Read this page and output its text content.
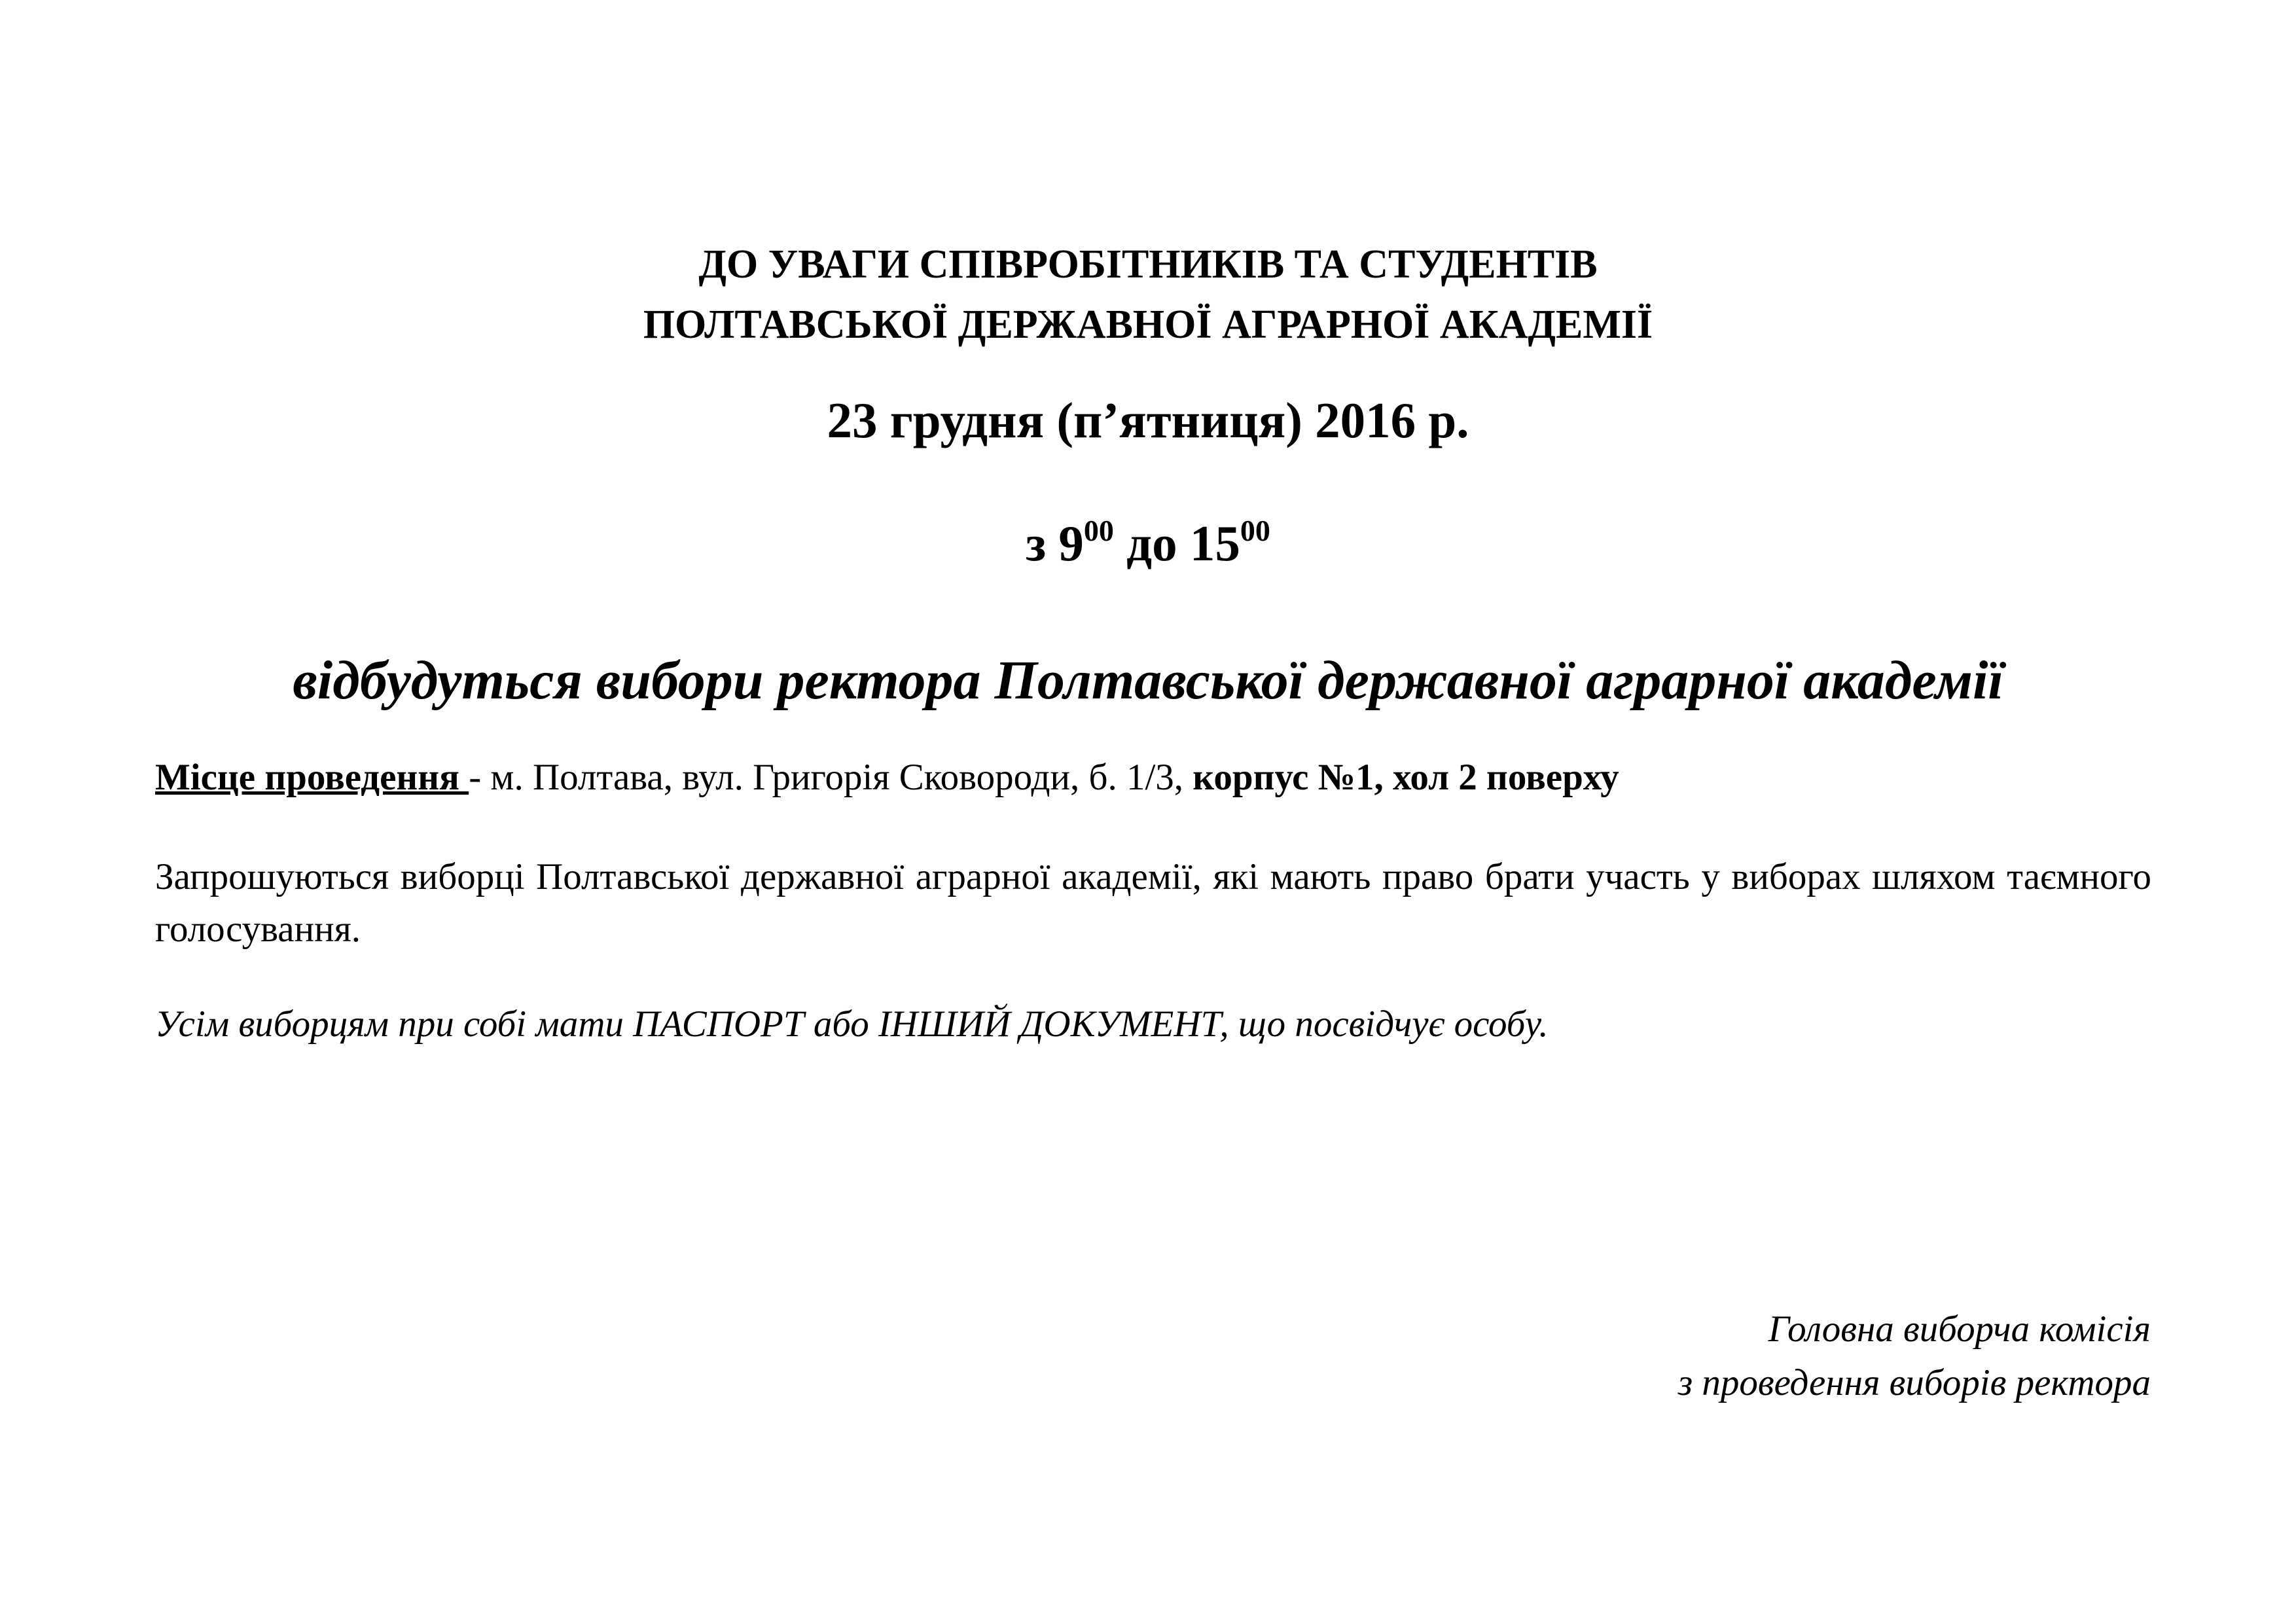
ДО УВАГИ СПІВРОБІТНИКІВ ТА СТУДЕНТІВ
ПОЛТАВСЬКОЇ ДЕРЖАВНОЇ АГРАРНОЇ АКАДЕМІЇ
23 грудня (п’ятниця) 2016 р.
з $9^{00}$ до $15^{00}$
відбудуться вибори ректора Полтавської державної аграрної академії
Місце проведення - м. Полтава, вул. Григорія Сковороди, б. 1/3, корпус №1, хол 2 поверху
Запрошуються виборці Полтавської державної аграрної академії, які мають право брати участь у виборах шляхом таємного голосування.
Усім виборцям при собі мати ПАСПОРТ або ІНШИЙ ДОКУМЕНТ, що посвідчує особу.
Головна виборча комісія
з проведення виборів ректора
